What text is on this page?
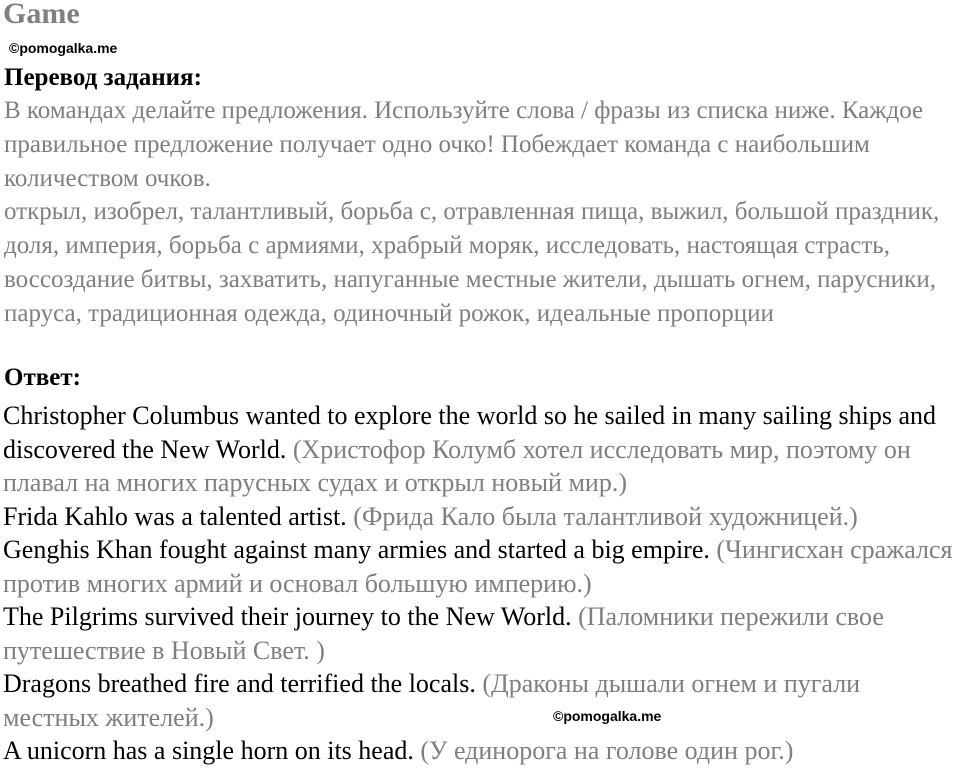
Game
©pomogalka.me
Перевод задания:
В командах делайте предложения. Используйте слова / фразы из списка ниже. Каждое правильное предложение получает одно очко! Побеждает команда с наибольшим количеством очков.
открыл, изобрел, талантливый, борьба с, отравленная пища, выжил, большой праздник, доля, империя, борьба с армиями, храбрый моряк, исследовать, настоящая страсть, воссоздание битвы, захватить, напуганные местные жители, дышать огнем, парусники, паруса, традиционная одежда, одиночный рожок, идеальные пропорции
Ответ:

Christopher Columbus wanted to explore the world so he sailed in many sailing ships and discovered the New World. (Христофор Колумб хотел исследовать мир, поэтому он плавал на многих парусных судах и открыл новый мир.)

Frida Kahlo was a talented artist. (Фрида Кало была талантливой художницей.)

Genghis Khan fought against many armies and started a big empire. (Чингисхан сражался против многих армий и основал большую империю.)

The Pilgrims survived their journey to the New World. (Паломники пережили свое путешествие в Новый Свет. )

Dragons breathed fire and terrified the locals. (Драконы дышали огнем и пугали местных жителей.)

A unicorn has a single horn on its head. (У единорога на голове один рог.)

©pomogalka.me
